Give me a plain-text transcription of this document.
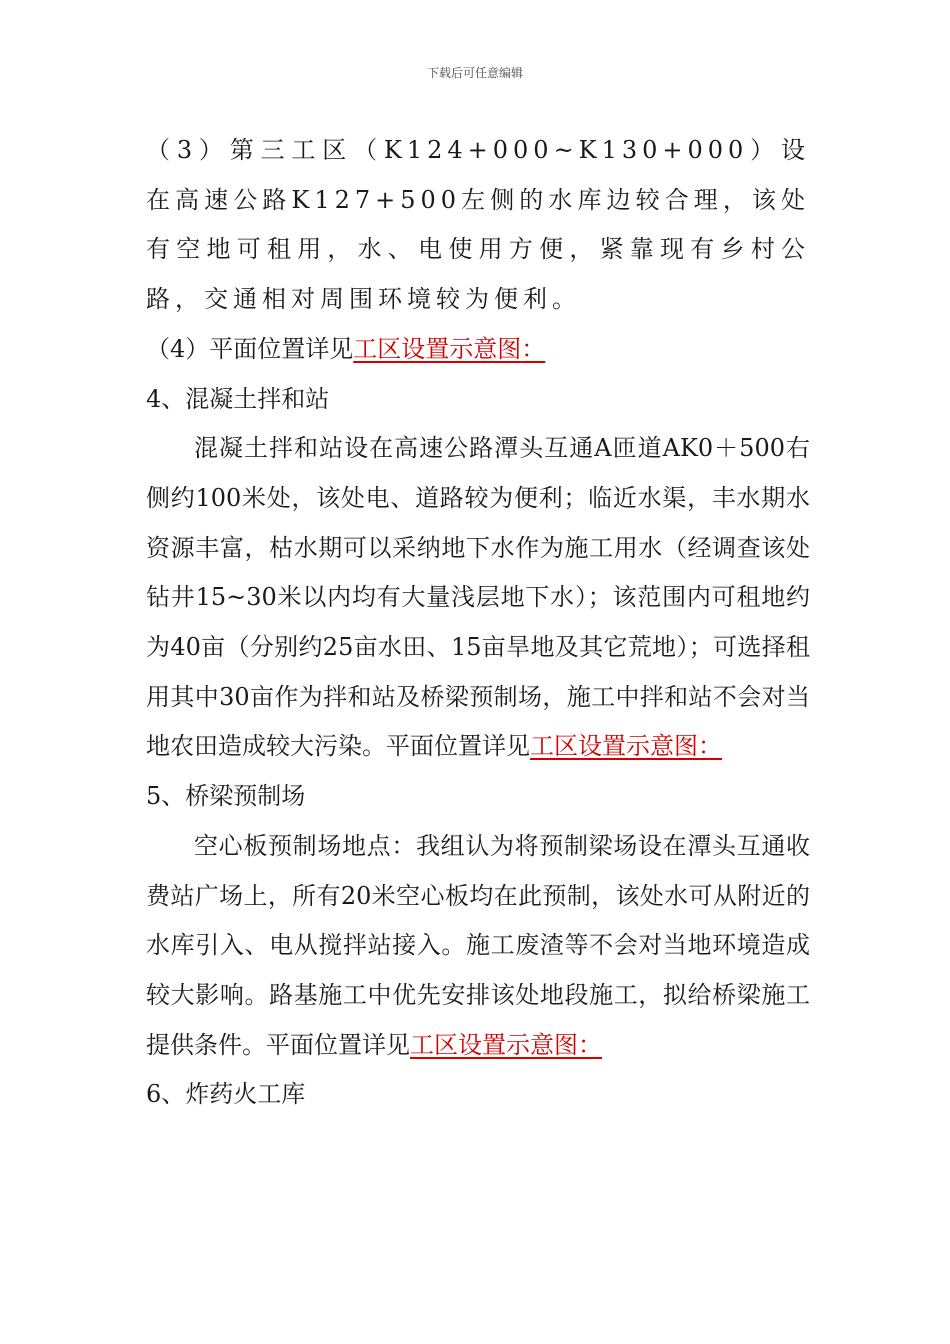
下载后可任意编辑

（3）第三工区（K124+000~K130+000）设在高速公路K127+500左侧的水库边较合理，该处有空地可租用，水、电使用方便，紧靠现有乡村公路，交通相对周围环境较为便利。

（4）平面位置详见工区设置示意图：

4、混凝土拌和站

混凝土拌和站设在高速公路潭头互通A匝道AK0＋500右侧约100米处，该处电、道路较为便利；临近水渠，丰水期水资源丰富，枯水期可以采纳地下水作为施工用水（经调查该处钻井15~30米以内均有大量浅层地下水）；该范围内可租地约为40亩（分别约25亩水田、15亩旱地及其它荒地）；可选择租用其中30亩作为拌和站及桥梁预制场，施工中拌和站不会对当地农田造成较大污染。平面位置详见工区设置示意图：

5、桥梁预制场

空心板预制场地点：我组认为将预制梁场设在潭头互通收费站广场上，所有20米空心板均在此预制，该处水可从附近的水库引入、电从搅拌站接入。施工废渣等不会对当地环境造成较大影响。路基施工中优先安排该处地段施工，拟给桥梁施工提供条件。平面位置详见工区设置示意图：

6、炸药火工库
